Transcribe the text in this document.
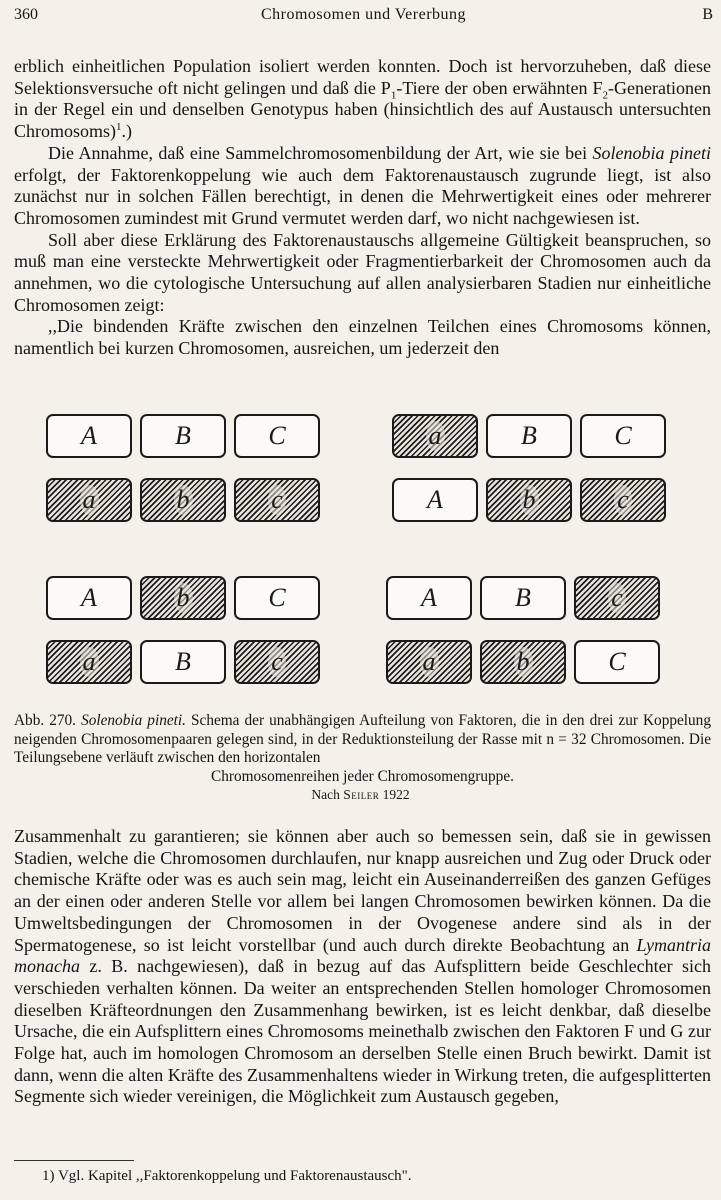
360	Chromosomen und Vererbung	B

erblich einheitlichen Population isoliert werden konnten. Doch ist hervorzuheben, daß diese Selektionsversuche oft nicht gelingen und daß die $P_1$-Tiere der oben erwähnten $F_2$-Generationen in der Regel ein und denselben Genotypus haben (hinsichtlich des auf Austausch untersuchten Chromosoms)$^1$.)

Die Annahme, daß eine Sammelchromosomenbildung der Art, wie sie bei Solenobia pineti erfolgt, der Faktorenkoppelung wie auch dem Faktorenaustausch zugrunde liegt, ist also zunächst nur in solchen Fällen berechtigt, in denen die Mehrwertigkeit eines oder mehrerer Chromosomen zumindest mit Grund vermutet werden darf, wo nicht nachgewiesen ist.

Soll aber diese Erklärung des Faktorenaustauschs allgemeine Gültigkeit beanspruchen, so muß man eine versteckte Mehrwertigkeit oder Fragmentierbarkeit der Chromosomen auch da annehmen, wo die cytologische Untersuchung auf allen analysierbaren Stadien nur einheitliche Chromosomen zeigt:

,,Die bindenden Kräfte zwischen den einzelnen Teilchen eines Chromosoms können, namentlich bei kurzen Chromosomen, ausreichen, um jederzeit den

A	B	C
a	b	c
a	B	C
A	b	c
A	b	C
a	B	c
A	B	c
a	b	C
Abb. 270. Solenobia pineti. Schema der unabhängigen Aufteilung von Faktoren, die in den drei zur Koppelung neigenden Chromosomenpaaren gelegen sind, in der Reduktionsteilung der Rasse mit n = 32 Chromosomen. Die Teilungsebene verläuft zwischen den horizontalen
Chromosomenreihen jeder Chromosomengruppe.
Nach Seiler 1922

Zusammenhalt zu garantieren; sie können aber auch so bemessen sein, daß sie in gewissen Stadien, welche die Chromosomen durchlaufen, nur knapp ausreichen und Zug oder Druck oder chemische Kräfte oder was es auch sein mag, leicht ein Auseinanderreißen des ganzen Gefüges an der einen oder anderen Stelle vor allem bei langen Chromosomen bewirken können. Da die Umweltsbedingungen der Chromosomen in der Ovogenese andere sind als in der Spermatogenese, so ist leicht vorstellbar (und auch durch direkte Beobachtung an Lymantria monacha z. B. nachgewiesen), daß in bezug auf das Aufsplittern beide Geschlechter sich verschieden verhalten können. Da weiter an entsprechenden Stellen homologer Chromosomen dieselben Kräfteordnungen den Zusammenhang bewirken, ist es leicht denkbar, daß dieselbe Ursache, die ein Aufsplittern eines Chromosoms meinethalb zwischen den Faktoren F und G zur Folge hat, auch im homologen Chromosom an derselben Stelle einen Bruch bewirkt. Damit ist dann, wenn die alten Kräfte des Zusammenhaltens wieder in Wirkung treten, die aufgesplitterten Segmente sich wieder vereinigen, die Möglichkeit zum Austausch gegeben,

1) Vgl. Kapitel ,,Faktorenkoppelung und Faktorenaustausch".
